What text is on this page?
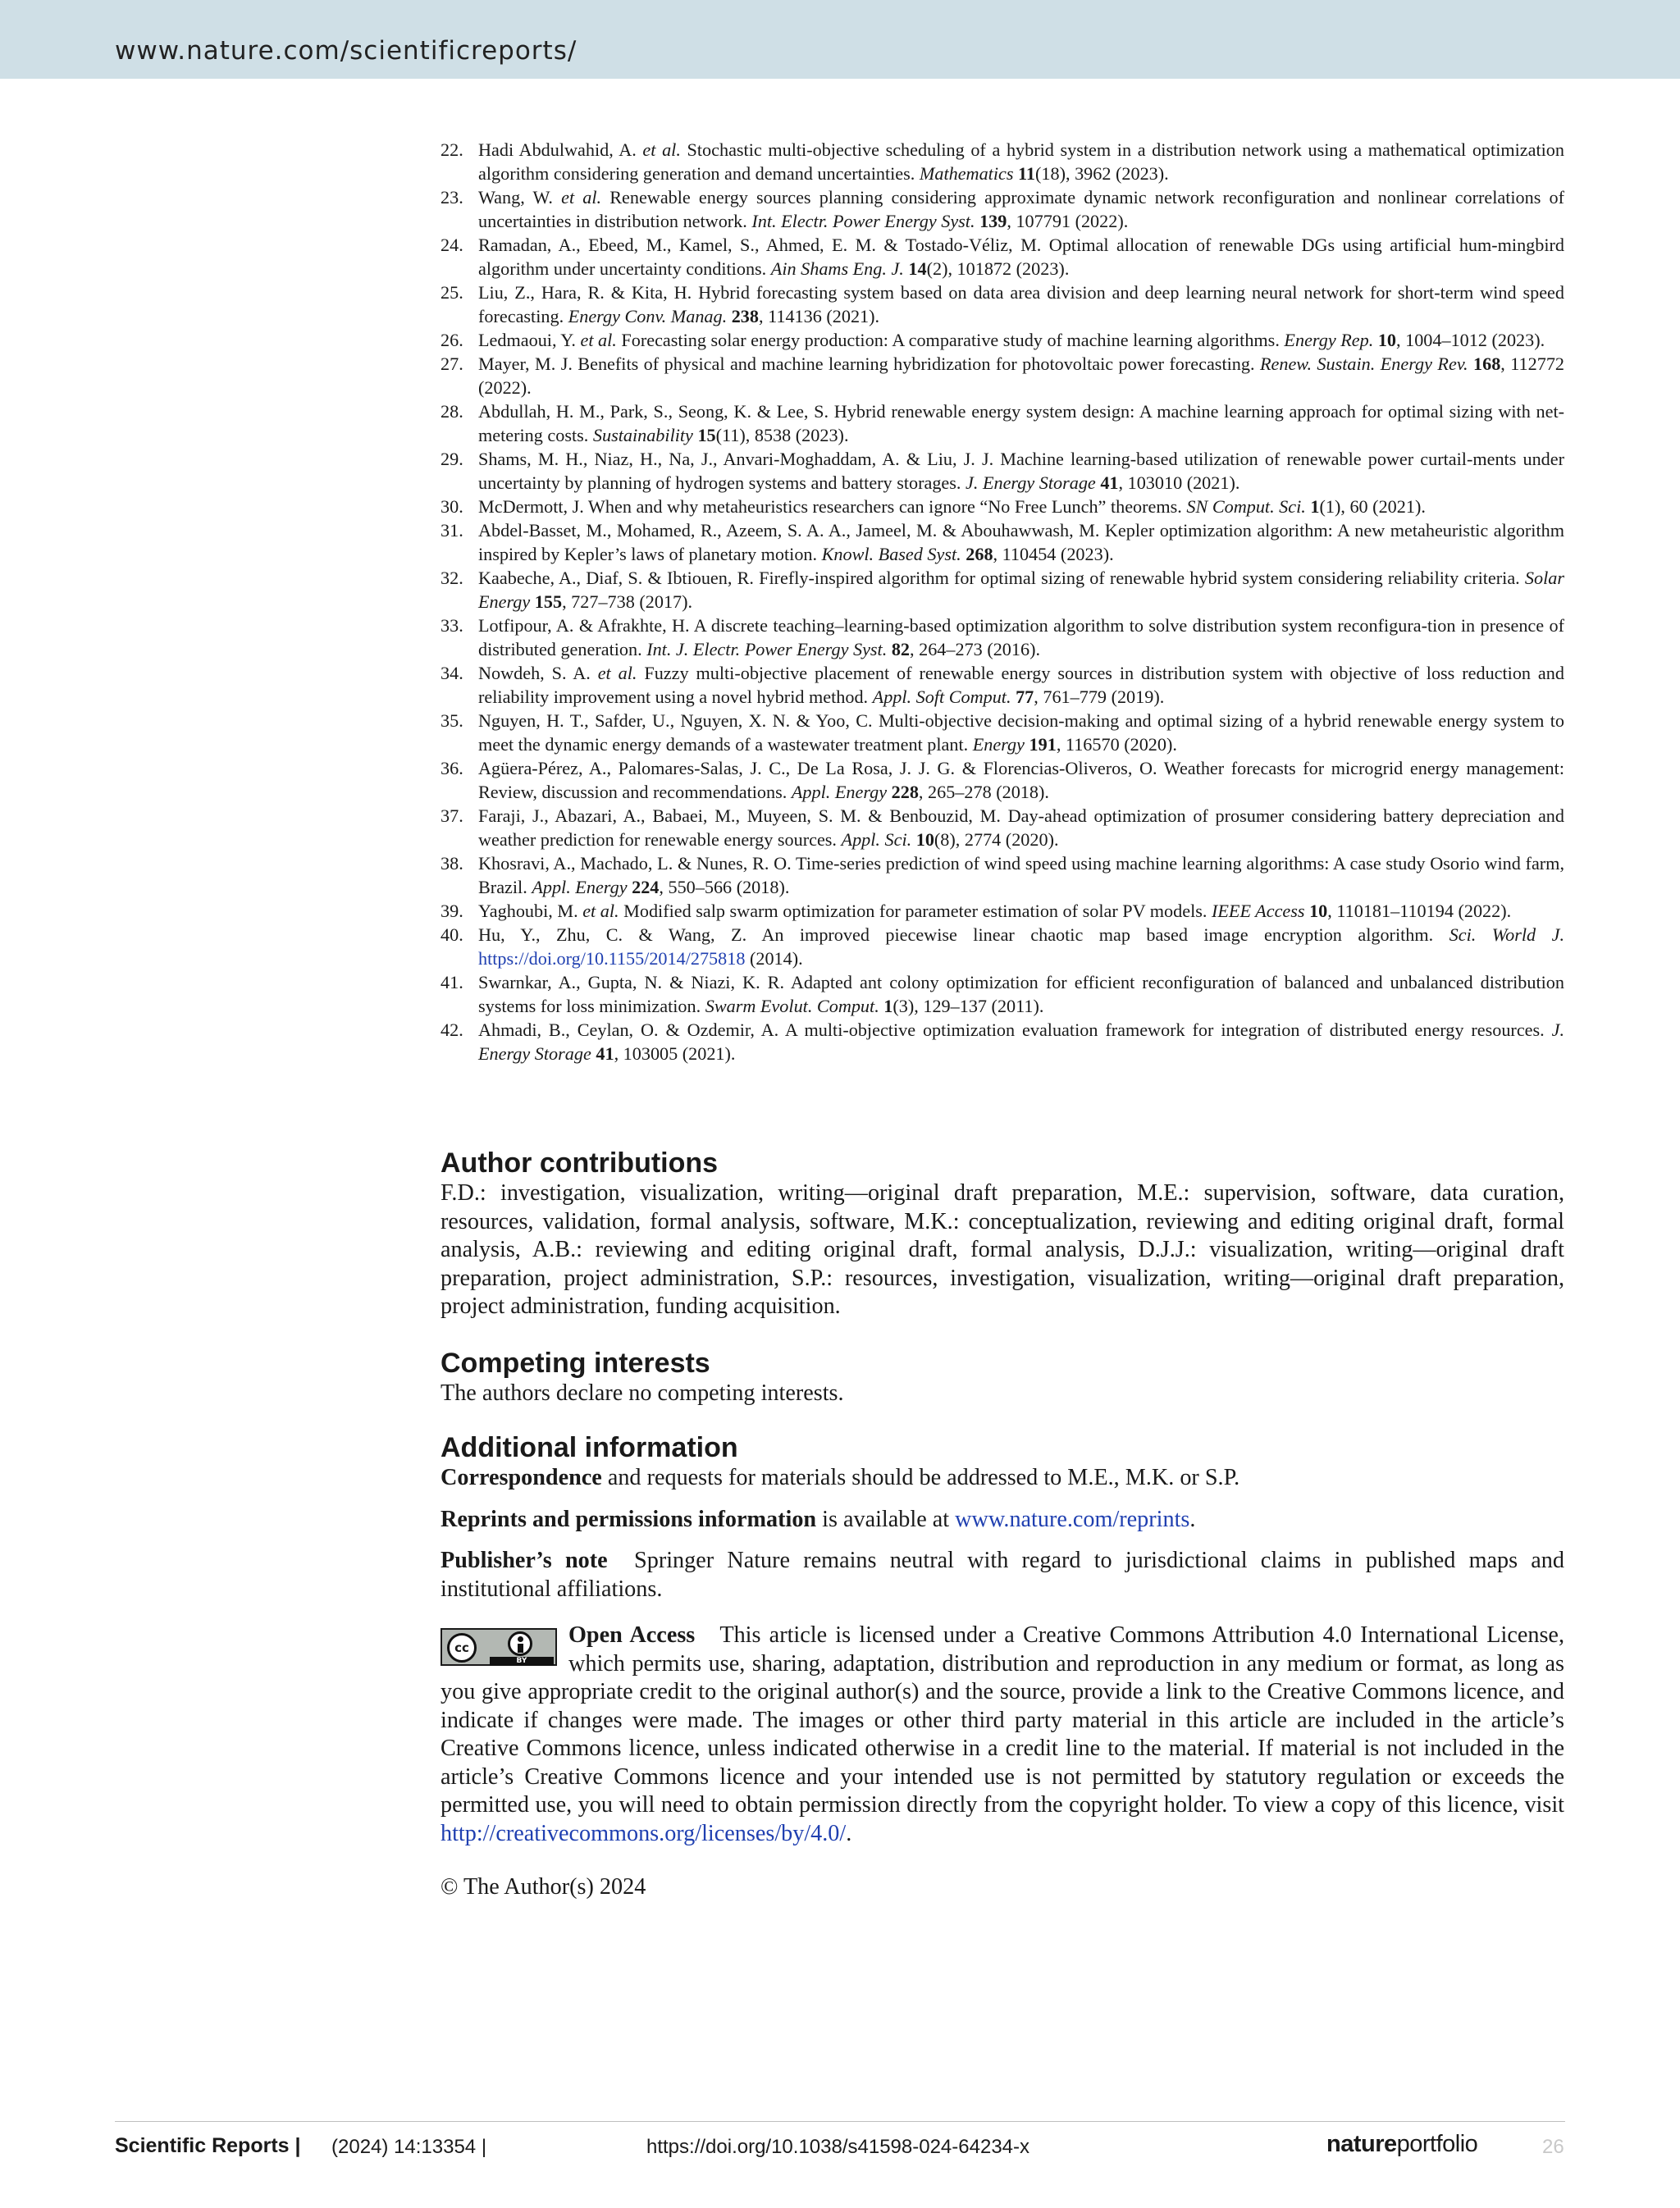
www.nature.com/scientificreports/
22. Hadi Abdulwahid, A. et al. Stochastic multi-objective scheduling of a hybrid system in a distribution network using a mathematical optimization algorithm considering generation and demand uncertainties. Mathematics 11(18), 3962 (2023).
23. Wang, W. et al. Renewable energy sources planning considering approximate dynamic network reconfiguration and nonlinear correlations of uncertainties in distribution network. Int. Electr. Power Energy Syst. 139, 107791 (2022).
24. Ramadan, A., Ebeed, M., Kamel, S., Ahmed, E. M. & Tostado-Véliz, M. Optimal allocation of renewable DGs using artificial hum-mingbird algorithm under uncertainty conditions. Ain Shams Eng. J. 14(2), 101872 (2023).
25. Liu, Z., Hara, R. & Kita, H. Hybrid forecasting system based on data area division and deep learning neural network for short-term wind speed forecasting. Energy Conv. Manag. 238, 114136 (2021).
26. Ledmaoui, Y. et al. Forecasting solar energy production: A comparative study of machine learning algorithms. Energy Rep. 10, 1004–1012 (2023).
27. Mayer, M. J. Benefits of physical and machine learning hybridization for photovoltaic power forecasting. Renew. Sustain. Energy Rev. 168, 112772 (2022).
28. Abdullah, H. M., Park, S., Seong, K. & Lee, S. Hybrid renewable energy system design: A machine learning approach for optimal sizing with net-metering costs. Sustainability 15(11), 8538 (2023).
29. Shams, M. H., Niaz, H., Na, J., Anvari-Moghaddam, A. & Liu, J. J. Machine learning-based utilization of renewable power curtail-ments under uncertainty by planning of hydrogen systems and battery storages. J. Energy Storage 41, 103010 (2021).
30. McDermott, J. When and why metaheuristics researchers can ignore “No Free Lunch” theorems. SN Comput. Sci. 1(1), 60 (2021).
31. Abdel-Basset, M., Mohamed, R., Azeem, S. A. A., Jameel, M. & Abouhawwash, M. Kepler optimization algorithm: A new metaheuristic algorithm inspired by Kepler’s laws of planetary motion. Knowl. Based Syst. 268, 110454 (2023).
32. Kaabeche, A., Diaf, S. & Ibtiouen, R. Firefly-inspired algorithm for optimal sizing of renewable hybrid system considering reliability criteria. Solar Energy 155, 727–738 (2017).
33. Lotfipour, A. & Afrakhte, H. A discrete teaching–learning-based optimization algorithm to solve distribution system reconfigura-tion in presence of distributed generation. Int. J. Electr. Power Energy Syst. 82, 264–273 (2016).
34. Nowdeh, S. A. et al. Fuzzy multi-objective placement of renewable energy sources in distribution system with objective of loss reduction and reliability improvement using a novel hybrid method. Appl. Soft Comput. 77, 761–779 (2019).
35. Nguyen, H. T., Safder, U., Nguyen, X. N. & Yoo, C. Multi-objective decision-making and optimal sizing of a hybrid renewable energy system to meet the dynamic energy demands of a wastewater treatment plant. Energy 191, 116570 (2020).
36. Agüera-Pérez, A., Palomares-Salas, J. C., De La Rosa, J. J. G. & Florencias-Oliveros, O. Weather forecasts for microgrid energy management: Review, discussion and recommendations. Appl. Energy 228, 265–278 (2018).
37. Faraji, J., Abazari, A., Babaei, M., Muyeen, S. M. & Benbouzid, M. Day-ahead optimization of prosumer considering battery depreciation and weather prediction for renewable energy sources. Appl. Sci. 10(8), 2774 (2020).
38. Khosravi, A., Machado, L. & Nunes, R. O. Time-series prediction of wind speed using machine learning algorithms: A case study Osorio wind farm, Brazil. Appl. Energy 224, 550–566 (2018).
39. Yaghoubi, M. et al. Modified salp swarm optimization for parameter estimation of solar PV models. IEEE Access 10, 110181–110194 (2022).
40. Hu, Y., Zhu, C. & Wang, Z. An improved piecewise linear chaotic map based image encryption algorithm. Sci. World J. https://doi.org/10.1155/2014/275818 (2014).
41. Swarnkar, A., Gupta, N. & Niazi, K. R. Adapted ant colony optimization for efficient reconfiguration of balanced and unbalanced distribution systems for loss minimization. Swarm Evolut. Comput. 1(3), 129–137 (2011).
42. Ahmadi, B., Ceylan, O. & Ozdemir, A. A multi-objective optimization evaluation framework for integration of distributed energy resources. J. Energy Storage 41, 103005 (2021).
Author contributions

F.D.: investigation, visualization, writing—original draft preparation, M.E.: supervision, software, data curation, resources, validation, formal analysis, software, M.K.: conceptualization, reviewing and editing original draft, formal analysis, A.B.: reviewing and editing original draft, formal analysis, D.J.J.: visualization, writing—original draft preparation, project administration, S.P.: resources, investigation, visualization, writing—original draft preparation, project administration, funding acquisition.

Competing interests

The authors declare no competing interests.

Additional information

Correspondence and requests for materials should be addressed to M.E., M.K. or S.P.

Reprints and permissions information is available at www.nature.com/reprints.

Publisher’s note  Springer Nature remains neutral with regard to jurisdictional claims in published maps and institutional affiliations.

cc
BY
Open Access   This article is licensed under a Creative Commons Attribution 4.0 International License, which permits use, sharing, adaptation, distribution and reproduction in any medium or format, as long as you give appropriate credit to the original author(s) and the source, provide a link to the Creative Commons licence, and indicate if changes were made. The images or other third party material in this article are included in the article’s Creative Commons licence, unless indicated otherwise in a credit line to the material. If material is not included in the article’s Creative Commons licence and your intended use is not permitted by statutory regulation or exceeds the permitted use, you will need to obtain permission directly from the copyright holder. To view a copy of this licence, visit http://creativecommons.org/licenses/by/4.0/.

© The Author(s) 2024

Scientific Reports | (2024) 14:13354 |	https://doi.org/10.1038/s41598-024-64234-x	natureportfolio	26
